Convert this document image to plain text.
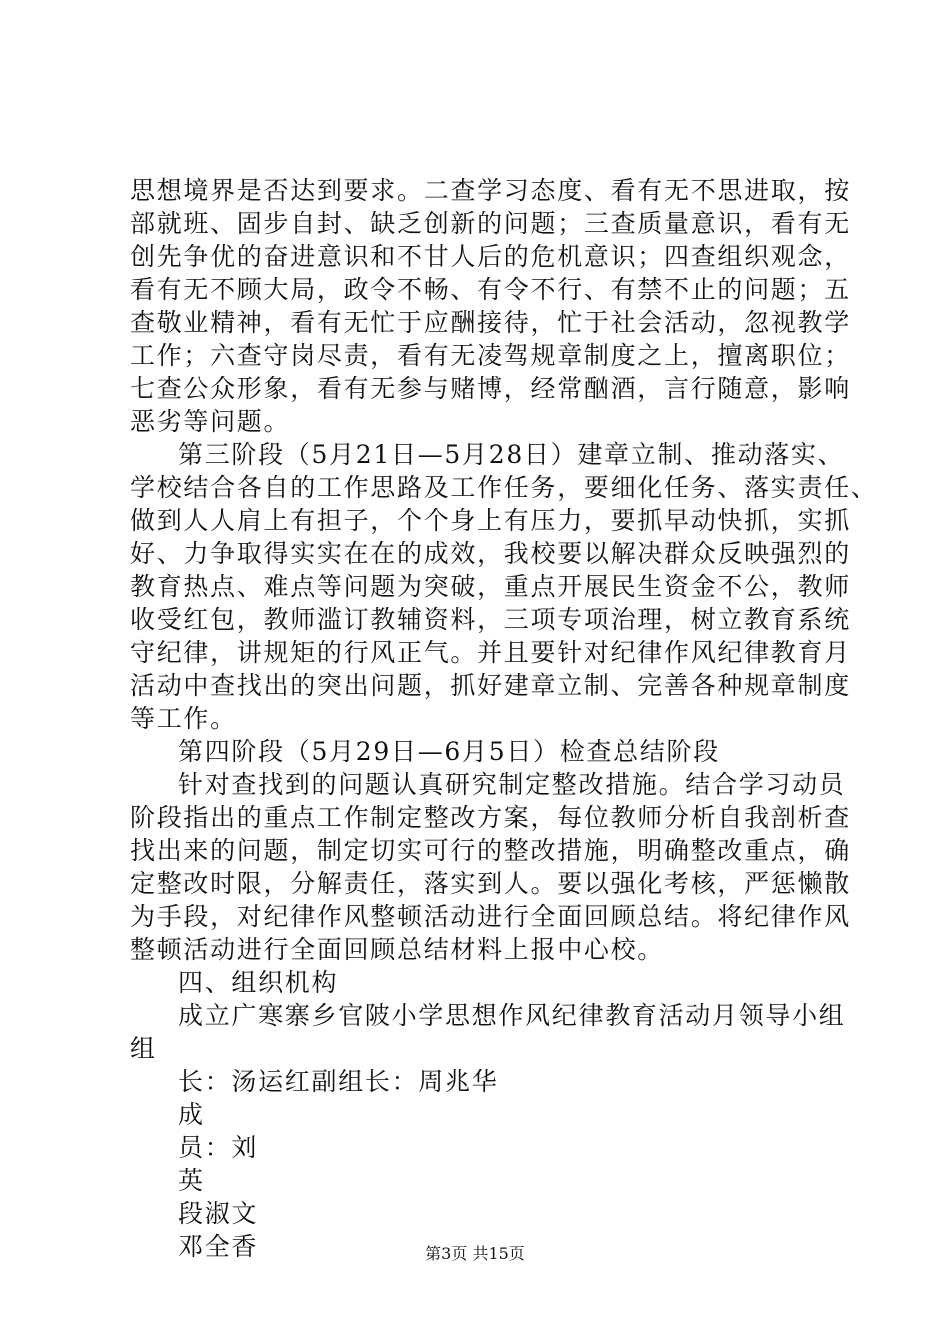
思想境界是否达到要求。二查学习态度、看有无不思进取，按
部就班、固步自封、缺乏创新的问题；三查质量意识，看有无
创先争优的奋进意识和不甘人后的危机意识；四查组织观念，
看有无不顾大局，政令不畅、有令不行、有禁不止的问题；五
查敬业精神，看有无忙于应酬接待，忙于社会活动，忽视教学
工作；六查守岗尽责，看有无凌驾规章制度之上，擅离职位；
七查公众形象，看有无参与赌博，经常酗酒，言行随意，影响
恶劣等问题。
第三阶段（5月21日—5月28日）建章立制、推动落实、
学校结合各自的工作思路及工作任务，要细化任务、落实责任、
做到人人肩上有担子，个个身上有压力，要抓早动快抓，实抓
好、力争取得实实在在的成效，我校要以解决群众反映强烈的
教育热点、难点等问题为突破，重点开展民生资金不公，教师
收受红包，教师滥订教辅资料，三项专项治理，树立教育系统
守纪律，讲规矩的行风正气。并且要针对纪律作风纪律教育月
活动中查找出的突出问题，抓好建章立制、完善各种规章制度
等工作。
第四阶段（5月29日—6月5日）检查总结阶段
针对查找到的问题认真研究制定整改措施。结合学习动员
阶段指出的重点工作制定整改方案，每位教师分析自我剖析查
找出来的问题，制定切实可行的整改措施，明确整改重点，确
定整改时限，分解责任，落实到人。要以强化考核，严惩懒散
为手段，对纪律作风整顿活动进行全面回顾总结。将纪律作风
整顿活动进行全面回顾总结材料上报中心校。
四、组织机构
成立广寒寨乡官陂小学思想作风纪律教育活动月领导小组
组
长：汤运红副组长：周兆华
成
员：刘
英
段淑文
邓全香	第3页 共15页
